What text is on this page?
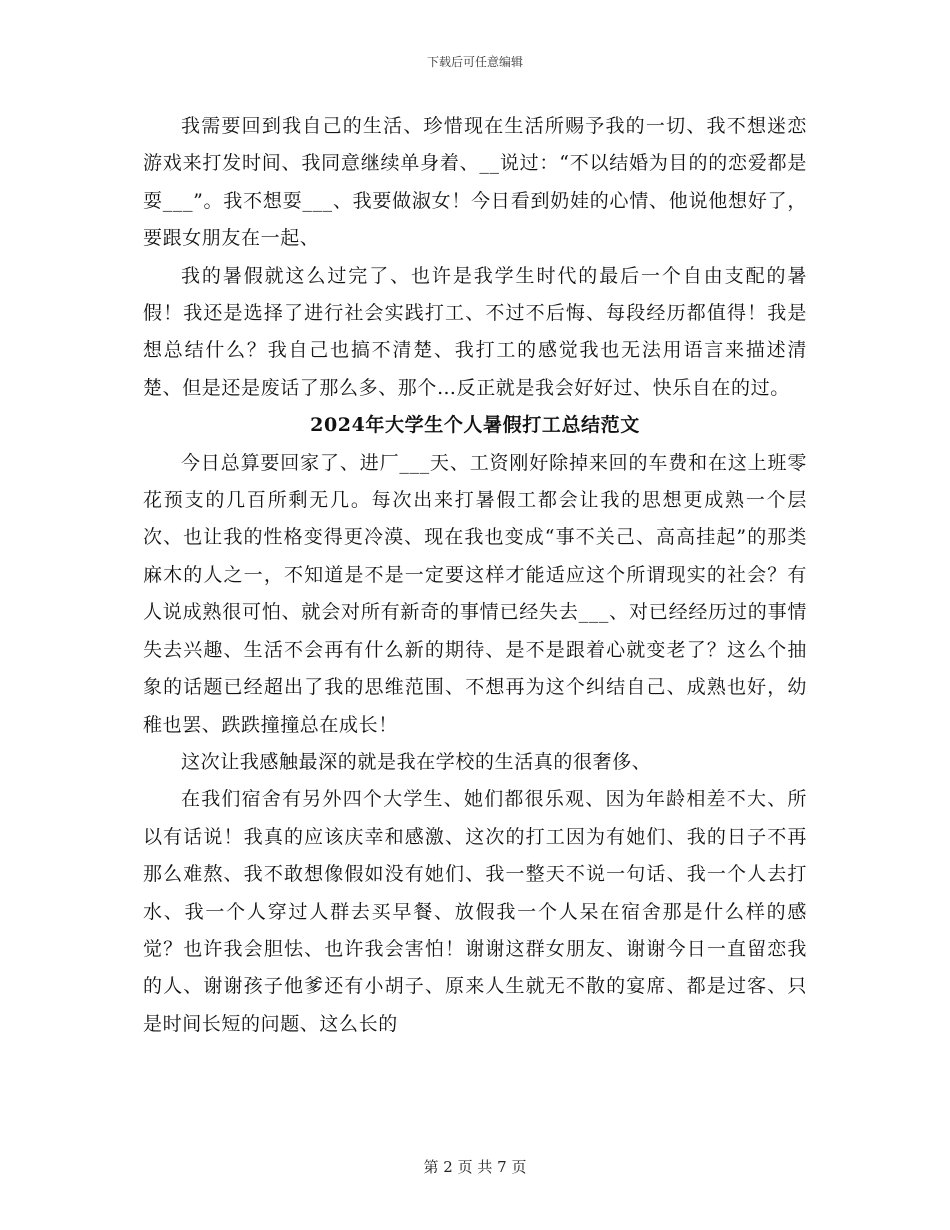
下载后可任意编辑

我需要回到我自己的生活、珍惜现在生活所赐予我的一切、我不想迷恋游戏来打发时间、我同意继续单身着、__说过：“不以结婚为目的的恋爱都是耍___”。我不想耍___、我要做淑女！今日看到奶娃的心情、他说他想好了，要跟女朋友在一起、

我的暑假就这么过完了、也许是我学生时代的最后一个自由支配的暑假！我还是选择了进行社会实践打工、不过不后悔、每段经历都值得！我是想总结什么？我自己也搞不清楚、我打工的感觉我也无法用语言来描述清楚、但是还是废话了那么多、那个…反正就是我会好好过、快乐自在的过。

2024年大学生个人暑假打工总结范文

今日总算要回家了、进厂___天、工资刚好除掉来回的车费和在这上班零花预支的几百所剩无几。每次出来打暑假工都会让我的思想更成熟一个层次、也让我的性格变得更冷漠、现在我也变成“事不关己、高高挂起”的那类麻木的人之一，不知道是不是一定要这样才能适应这个所谓现实的社会？有人说成熟很可怕、就会对所有新奇的事情已经失去___、对已经经历过的事情失去兴趣、生活不会再有什么新的期待、是不是跟着心就变老了？这么个抽象的话题已经超出了我的思维范围、不想再为这个纠结自己、成熟也好，幼稚也罢、跌跌撞撞总在成长！

这次让我感触最深的就是我在学校的生活真的很奢侈、

在我们宿舍有另外四个大学生、她们都很乐观、因为年龄相差不大、所以有话说！我真的应该庆幸和感激、这次的打工因为有她们、我的日子不再那么难熬、我不敢想像假如没有她们、我一整天不说一句话、我一个人去打水、我一个人穿过人群去买早餐、放假我一个人呆在宿舍那是什么样的感觉？也许我会胆怯、也许我会害怕！谢谢这群女朋友、谢谢今日一直留恋我的人、谢谢孩子他爹还有小胡子、原来人生就无不散的宴席、都是过客、只是时间长短的问题、这么长的

第 2 页 共 7 页
